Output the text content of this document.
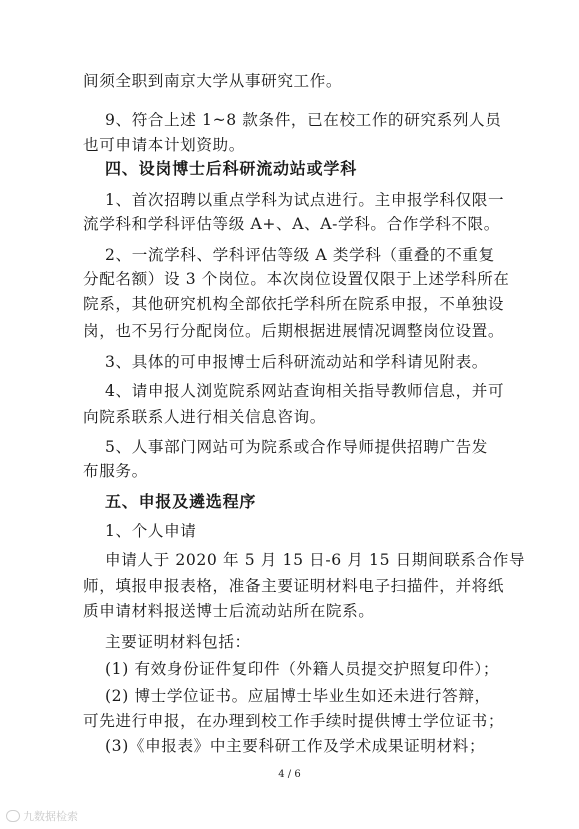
间须全职到南京大学从事研究工作。
9、符合上述 1~8 款条件，已在校工作的研究系列人员
也可申请本计划资助。
四、设岗博士后科研流动站或学科
1、首次招聘以重点学科为试点进行。主申报学科仅限一
流学科和学科评估等级 A+、A、A-学科。合作学科不限。
2、一流学科、学科评估等级 A 类学科（重叠的不重复
分配名额）设 3 个岗位。本次岗位设置仅限于上述学科所在
院系，其他研究机构全部依托学科所在院系申报，不单独设
岗，也不另行分配岗位。后期根据进展情况调整岗位设置。
3、具体的可申报博士后科研流动站和学科请见附表。
4、请申报人浏览院系网站查询相关指导教师信息，并可
向院系联系人进行相关信息咨询。
5、人事部门网站可为院系或合作导师提供招聘广告发
布服务。
五、申报及遴选程序
1、个人申请
申请人于 2020 年 5 月 15 日-6 月 15 日期间联系合作导
师，填报申报表格，准备主要证明材料电子扫描件，并将纸
质申请材料报送博士后流动站所在院系。
主要证明材料包括：
(1) 有效身份证件复印件（外籍人员提交护照复印件）；
(2) 博士学位证书。应届博士毕业生如还未进行答辩，
可先进行申报，在办理到校工作手续时提供博士学位证书；
(3)《申报表》中主要科研工作及学术成果证明材料；
4 / 6
九数据检索
